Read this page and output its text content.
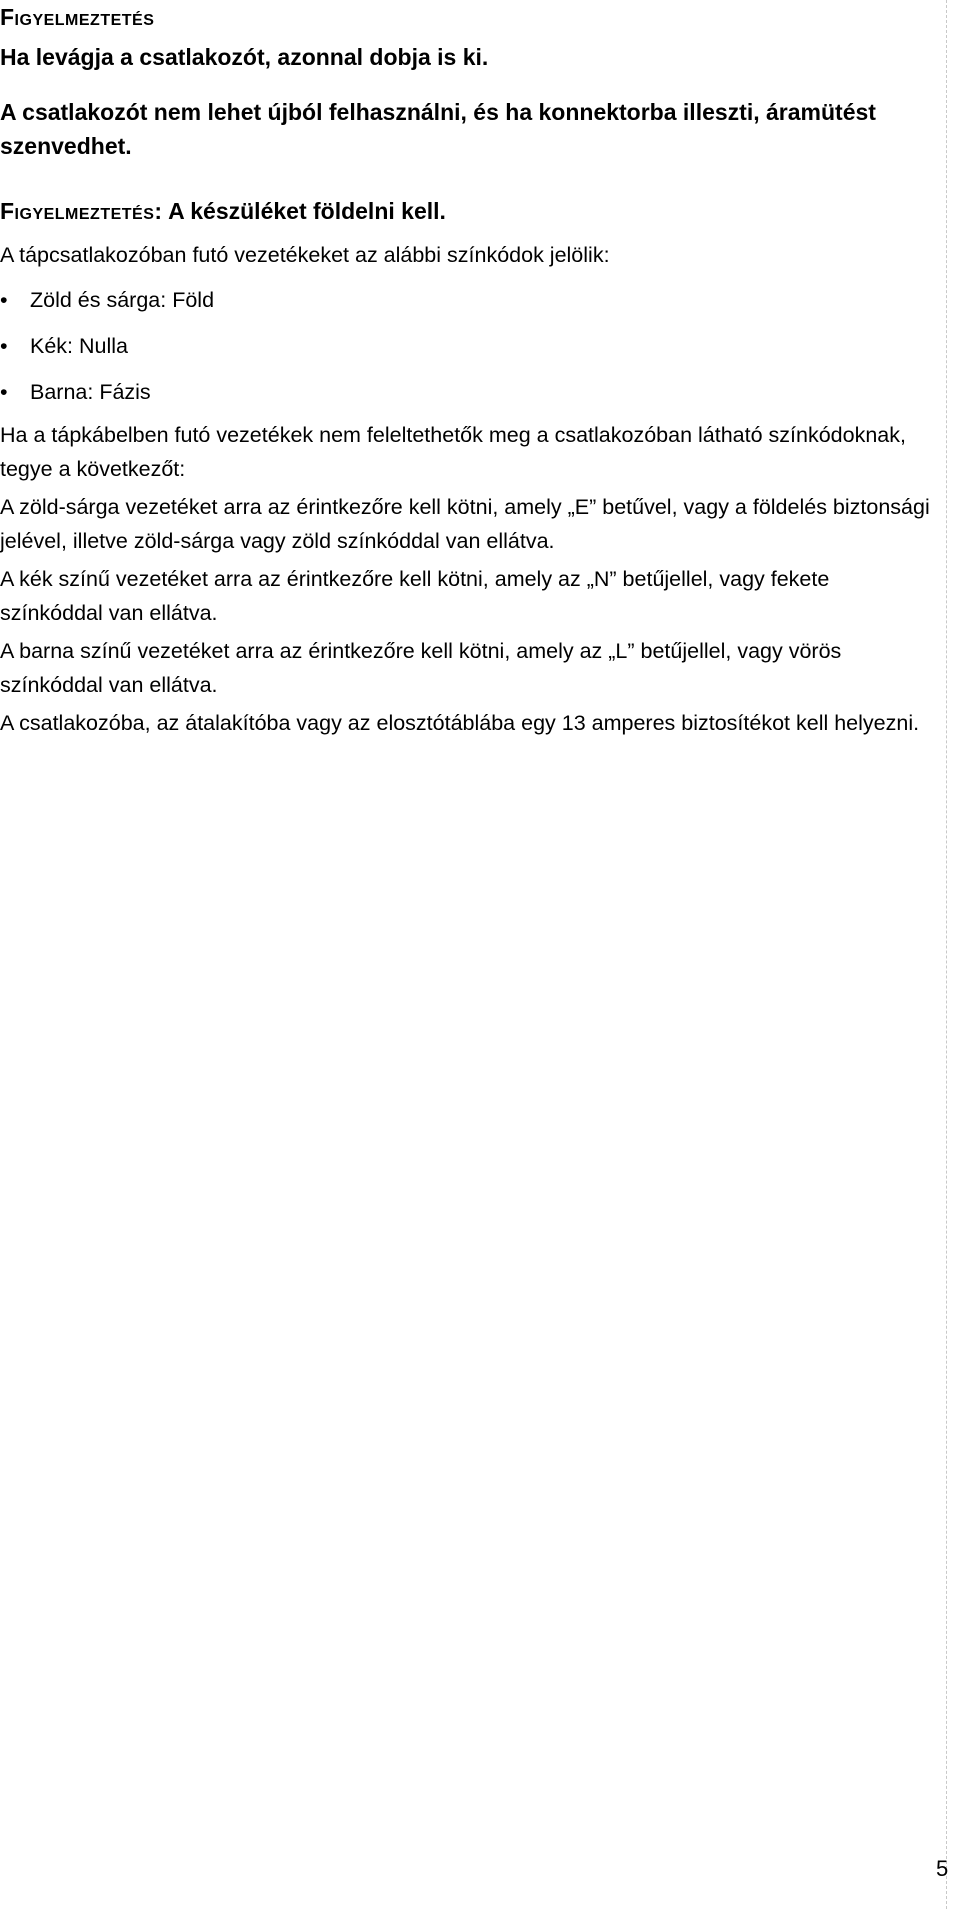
Figyelmeztetés
Ha levágja a csatlakozót, azonnal dobja is ki.
A csatlakozót nem lehet újból felhasználni, és ha konnektorba illeszti, áramütést szenvedhet.
Figyelmeztetés: A készüléket földelni kell.
A tápcsatlakozóban futó vezetékeket az alábbi színkódok jelölik:
• Zöld és sárga: Föld
• Kék: Nulla
• Barna: Fázis
Ha a tápkábelben futó vezetékek nem feleltethetők meg a csatlakozóban látható színkódoknak, tegye a következőt:
A zöld-sárga vezetéket arra az érintkezőre kell kötni, amely „E” betűvel, vagy a földelés biztonsági jelével, illetve zöld-sárga vagy zöld színkóddal van ellátva.
A kék színű vezetéket arra az érintkezőre kell kötni, amely az „N” betűjellel, vagy fekete színkóddal van ellátva.
A barna színű vezetéket arra az érintkezőre kell kötni, amely az „L” betűjellel, vagy vörös színkóddal van ellátva.
A csatlakozóba, az átalakítóba vagy az elosztótáblába egy 13 amperes biztosítékot kell helyezni.
5
